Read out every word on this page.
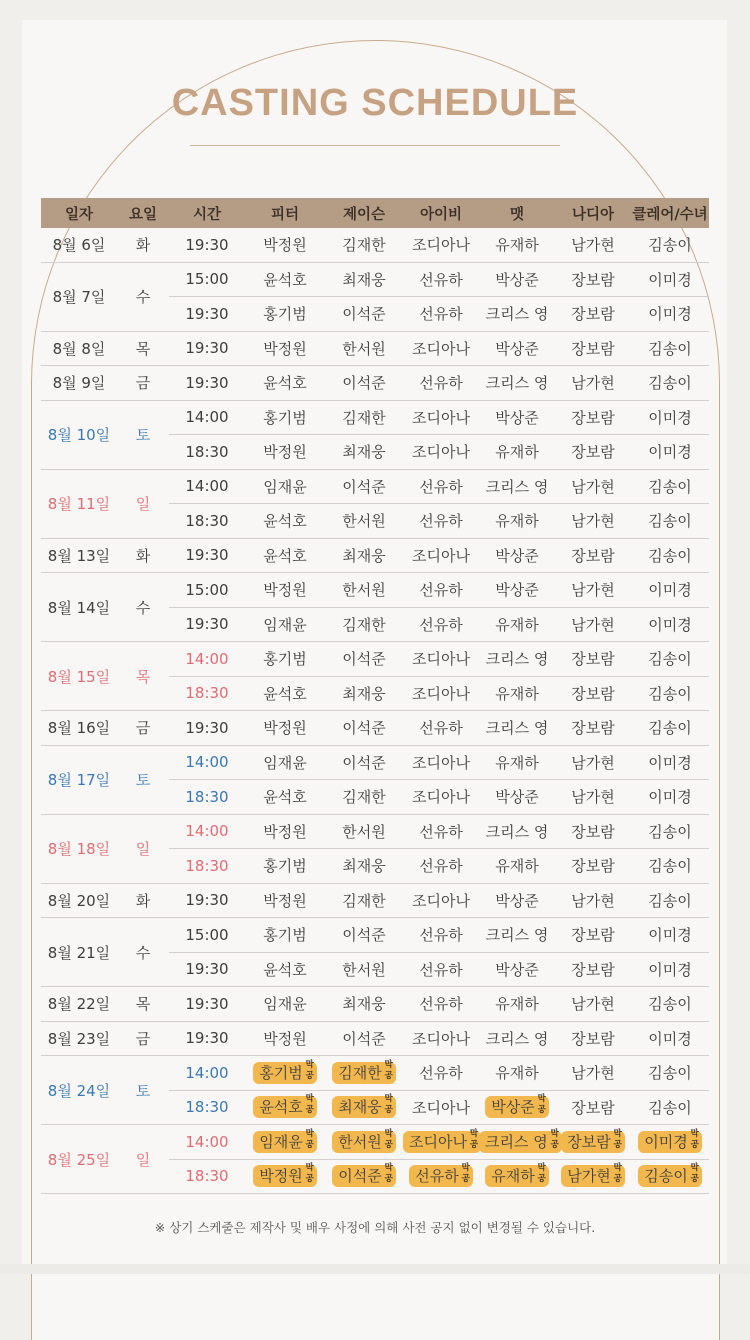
CASTING SCHEDULE
일자	요일	시간	피터	제이슨	아이비	맷	나디아	클레어/수녀
8월 6일	화	19:30	박정원	김재한	조디아나	유재하	남가현	김송이
8월 7일	수	15:00	윤석호	최재웅	선유하	박상준	장보람	이미경
		19:30	홍기범	이석준	선유하	크리스 영	장보람	이미경
8월 8일	목	19:30	박정원	한서원	조디아나	박상준	장보람	김송이
8월 9일	금	19:30	윤석호	이석준	선유하	크리스 영	남가현	김송이
8월 10일	토	14:00	홍기범	김재한	조디아나	박상준	장보람	이미경
		18:30	박정원	최재웅	조디아나	유재하	장보람	이미경
8월 11일	일	14:00	임재윤	이석준	선유하	크리스 영	남가현	김송이
		18:30	윤석호	한서원	선유하	유재하	남가현	김송이
8월 13일	화	19:30	윤석호	최재웅	조디아나	박상준	장보람	김송이
8월 14일	수	15:00	박정원	한서원	선유하	박상준	남가현	이미경
		19:30	임재윤	김재한	선유하	유재하	남가현	이미경
8월 15일	목	14:00	홍기범	이석준	조디아나	크리스 영	장보람	김송이
		18:30	윤석호	최재웅	조디아나	유재하	장보람	김송이
8월 16일	금	19:30	박정원	이석준	선유하	크리스 영	장보람	김송이
8월 17일	토	14:00	임재윤	이석준	조디아나	유재하	남가현	이미경
		18:30	윤석호	김재한	조디아나	박상준	남가현	이미경
8월 18일	일	14:00	박정원	한서원	선유하	크리스 영	장보람	김송이
		18:30	홍기범	최재웅	선유하	유재하	장보람	김송이
8월 20일	화	19:30	박정원	김재한	조디아나	박상준	남가현	김송이
8월 21일	수	15:00	홍기범	이석준	선유하	크리스 영	장보람	이미경
		19:30	윤석호	한서원	선유하	박상준	장보람	이미경
8월 22일	목	19:30	임재윤	최재웅	선유하	유재하	남가현	김송이
8월 23일	금	19:30	박정원	이석준	조디아나	크리스 영	장보람	이미경
8월 24일	토	14:00	홍기범 막공	김재한 막공	선유하	유재하	남가현	김송이
		18:30	윤석호 막공	최재웅 막공	조디아나	박상준 막공	장보람	김송이
8월 25일	일	14:00	임재윤 막공	한서원 막공	조디아나 막공	크리스 영 막공	장보람 막공	이미경 막공

		18:30	박정원 막공	이석준 막공	선유하 막공	유재하 막공	남가현 막공	김송이 막공
※ 상기 스케줄은 제작사 및 배우 사정에 의해 사전 공지 없이 변경될 수 있습니다.
